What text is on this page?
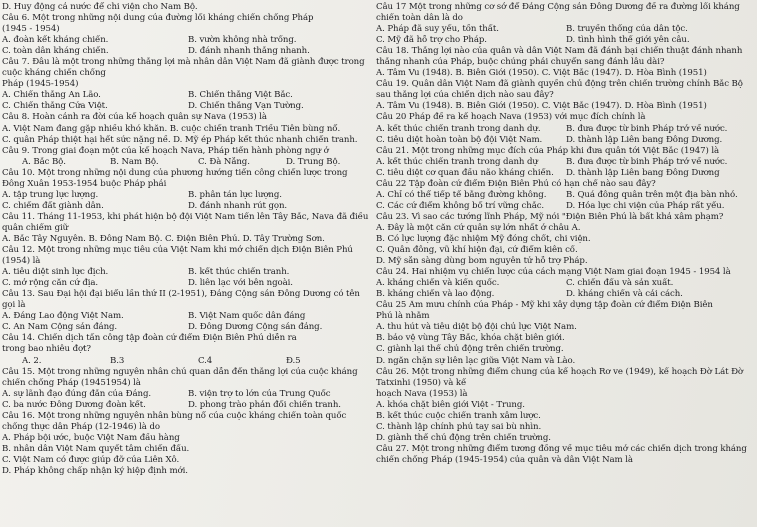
D. Huy động cả nước để chi viện cho Nam Bộ.
Câu 6. Một trong những nội dung của đường lối kháng chiến chống Pháp
(1945 - 1954)
A. đoàn kết kháng chiến.	B. vườn không nhà trống.
C. toàn dân kháng chiến.	D. đánh nhanh thắng nhanh.
Câu 7. Đâu là một trong những thắng lợi mà nhân dân Việt Nam đã giành được trong
cuộc kháng chiến chống
Pháp (1945-1954)
A. Chiến thắng An Lão.	B. Chiến thắng Việt Bắc.
C. Chiến thắng Cửa Việt.	D. Chiến thắng Vạn Tường.
Câu 8. Hoàn cảnh ra đời của kế hoạch quân sự Nava (1953) là
A. Việt Nam đang gặp nhiều khó khăn. B. cuộc chiến tranh Triều Tiên bùng nổ.
C. quân Pháp thiệt hại hết sức nặng nề. D. Mỹ ép Pháp kết thúc nhanh chiến tranh.
Câu 9. Trong giai đoạn một của kế hoạch Nava, Pháp tiến hành phòng ngự ở
A. Bắc Bộ.	B. Nam Bộ.	C. Đà Nẵng.	D. Trung Bộ.
Câu 10. Một trong những nội dung của phương hướng tiến công chiến lược trong
Đông Xuân 1953-1954 buộc Pháp phải
A. tập trung lực lượng.	B. phân tán lực lượng.
C. chiếm đất giành dân.	D. đánh nhanh rút gọn.
Câu 11. Tháng 11-1953, khi phát hiện bộ đội Việt Nam tiến lên Tây Bắc, Nava đã điều
quân chiếm giữ
A. Bắc Tây Nguyên. B. Đông Nam Bộ. C. Điện Biên Phủ. D. Tây Trường Sơn.
Câu 12. Một trong những mục tiêu của Việt Nam khi mở chiến dịch Điện Biên Phủ
(1954) là
A. tiêu diệt sinh lực địch.	B. kết thúc chiến tranh.
C. mở rộng căn cứ địa.	D. liên lạc với bên ngoài.
Câu 13. Sau Đại hội đại biểu lần thứ II (2-1951), Đảng Cộng sản Đông Dương có tên
gọi là
A. Đảng Lao động Việt Nam.	B. Việt Nam quốc dân đảng
C. An Nam Cộng sản đảng.	D. Đông Dương Cộng sản đảng.
Câu 14. Chiến dịch tấn công tập đoàn cứ điểm Điện Biên Phủ diễn ra
trong bao nhiêu đợt?
A. 2.	B.3	C.4	Đ.5
Câu 15. Một trong những nguyên nhân chủ quan dẫn đến thắng lợi của cuộc kháng
chiến chống Pháp (19451954) là
A. sự lãnh đạo đúng đắn của Đảng.	B. viện trợ to lớn của Trung Quốc
C. ba nước Đông Dương đoàn kết.	D. phong trào phản đối chiến tranh.
Câu 16. Một trong những nguyên nhân bùng nổ của cuộc kháng chiến toàn quốc
chống thực dân Pháp (12-1946) là do
A. Pháp bội ước, buộc Việt Nam đầu hàng
B. nhân dân Việt Nam quyết tâm chiến đấu.
C. Việt Nam có được giúp đỡ của Liên Xô.
D. Pháp không chấp nhận ký hiệp định mới.
Câu 17 Một trong những cơ sở để Đảng Cộng sản Đông Dương đề ra đường lối kháng
chiến toàn dân là do
A. Pháp đã suy yếu, tồn thất.	B. truyền thống của dân tộc.
C. Mỹ đã hỗ trợ cho Pháp.	D. tình hình thế giới yên câu.
Câu 18. Thắng lợi nào của quân và dân Việt Nam đã đánh bại chiến thuật đánh nhanh
thắng nhanh của Pháp, buộc chúng phải chuyển sang đánh lâu dài?
A. Tâm Vu (1948). B. Biên Giới (1950). C. Việt Bắc (1947). D. Hòa Bình (1951)
Câu 19. Quân dân Việt Nam đã giành quyền chủ động trên chiến trường chính Bắc Bộ
sau thắng lợi của chiến dịch nào sau đây?
A. Tâm Vu (1948). B. Biên Giới (1950). C. Việt Bắc (1947). D. Hòa Bình (1951)
Câu 20 Pháp đề ra kế hoạch Nava (1953) với mục đích chính là
A. kết thúc chiến tranh trong danh dự.	B. đưa được từ binh Pháp trở về nước.
C. tiêu diệt hoàn toàn bộ đội Việt Nam.	D. thành lập Liên bang Đông Dương.
Câu 21. Một trong những mục đích của Pháp khi đưa quân tới Việt Bắc (1947) là
A. kết thúc chiến tranh trong danh dự	B. đưa được từ binh Pháp trở về nước.
C. tiêu diệt cơ quan đầu não kháng chiến.	D. thành lập Liên bang Đông Dương
Câu 22 Tập đoàn cứ điểm Điện Biên Phủ có hạn chế nào sau đây?
A. Chỉ có thể tiếp tế bằng đường không.	B. Quá đông quân trên một địa bàn nhỏ.
C. Các cứ điểm không bố trí vững chắc.	D. Hỏa lực chi viện của Pháp rất yếu.
Câu 23. Vì sao các tướng lĩnh Pháp, Mỹ nói "Điện Biên Phủ là bất khả xâm phạm?
A. Đây là một căn cứ quân sự lớn nhất ở châu Á.
B. Có lực lượng đặc nhiệm Mỹ đóng chốt, chi viện.
C. Quân đông, vũ khí hiện đại, cứ điểm kiên cố.
D. Mỹ sẵn sàng dùng bom nguyên tử hỗ trợ Pháp.
Câu 24. Hai nhiệm vụ chiến lược của cách mạng Việt Nam giai đoạn 1945 - 1954 là
A. kháng chiến và kiến quốc.	C. chiến đấu và sản xuất.
B. kháng chiến và lao động.	D. kháng chiến và cải cách.
Câu 25 Âm mưu chính của Pháp - Mỹ khi xây dựng tập đoàn cứ điểm Điện Biên
Phủ là nhằm
A. thu hút và tiêu diệt bộ đội chủ lực Việt Nam.
B. bảo vệ vùng Tây Bắc, khóa chặt biên giới.
C. giành lại thế chủ động trên chiến trường.
D. ngăn chặn sự liên lạc giữa Việt Nam và Lào.
Câu 26. Một trong những điểm chung của kế hoạch Rơ ve (1949), kế hoạch Đờ Lát Đờ
Tatxinhi (1950) và kế
hoạch Nava (1953) là
A. khóa chặt biên giới Việt - Trung.
B. kết thúc cuộc chiến tranh xâm lược.
C. thành lập chính phủ tay sai bù nhìn.
D. giành thế chủ động trên chiến trường.
Câu 27. Một trong những điểm tương đồng về mục tiêu mở các chiến dịch trong kháng
chiến chống Pháp (1945-1954) của quân và dân Việt Nam là
